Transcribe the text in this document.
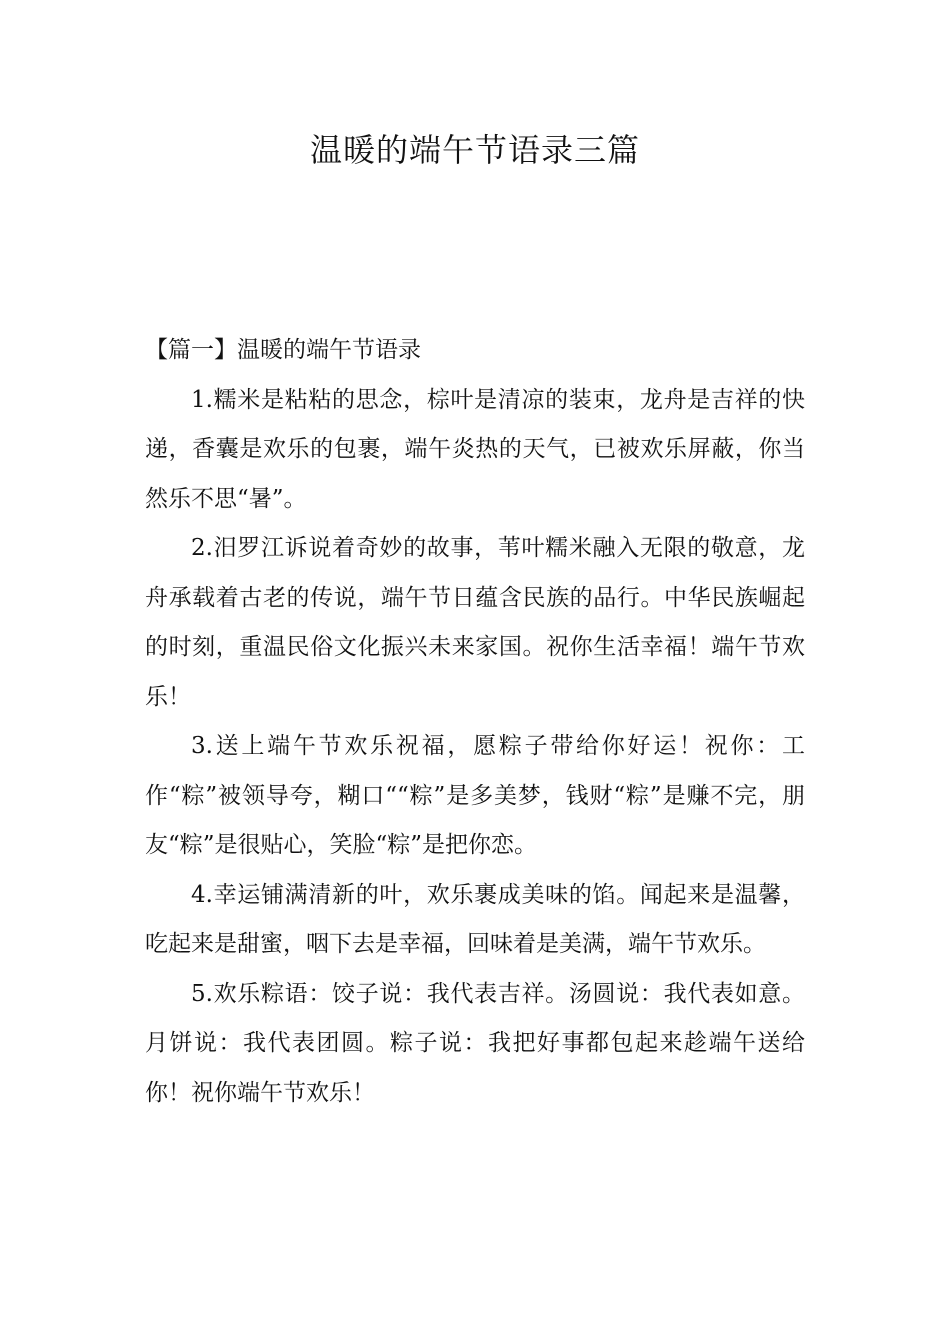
温暖的端午节语录三篇
【篇一】温暖的端午节语录

1.糯米是粘粘的思念，棕叶是清凉的装束，龙舟是吉祥的快递，香囊是欢乐的包裹，端午炎热的天气，已被欢乐屏蔽，你当然乐不思“暑”。

2.汨罗江诉说着奇妙的故事，苇叶糯米融入无限的敬意，龙舟承载着古老的传说，端午节日蕴含民族的品行。中华民族崛起的时刻，重温民俗文化振兴未来家国。祝你生活幸福！端午节欢乐！

3.送上端午节欢乐祝福，愿粽子带给你好运！祝你：工作“粽”被领导夸，糊口““粽”是多美梦，钱财“粽”是赚不完，朋友“粽”是很贴心，笑脸“粽”是把你恋。

4.幸运铺满清新的叶，欢乐裹成美味的馅。闻起来是温馨，吃起来是甜蜜，咽下去是幸福，回味着是美满，端午节欢乐。

5.欢乐粽语：饺子说：我代表吉祥。汤圆说：我代表如意。月饼说：我代表团圆。粽子说：我把好事都包起来趁端午送给你！祝你端午节欢乐！
